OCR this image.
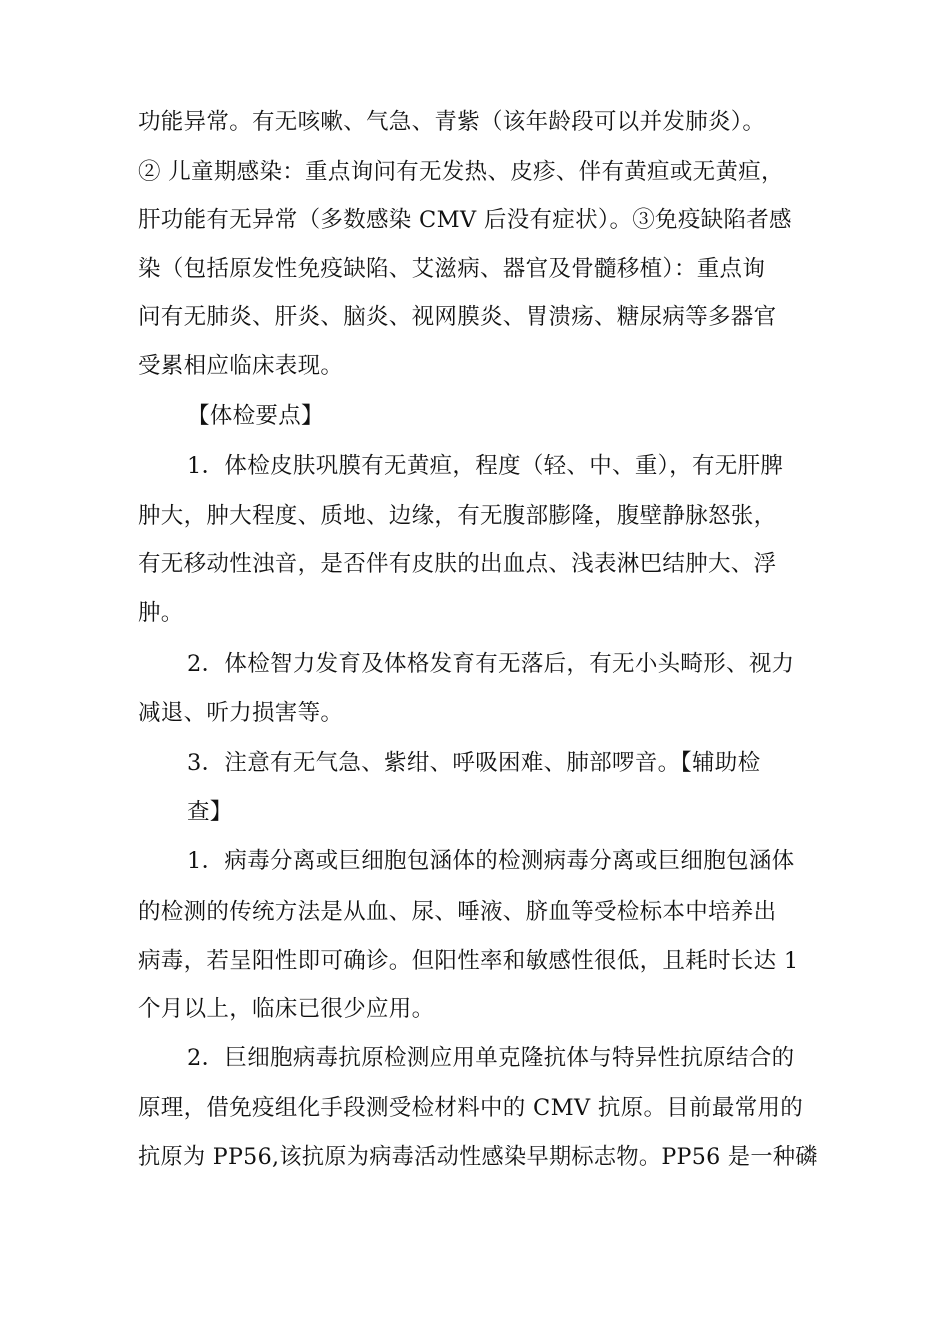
功能异常。有无咳嗽、气急、青紫（该年龄段可以并发肺炎）。
② 儿童期感染：重点询问有无发热、皮疹、伴有黄疸或无黄疸，
肝功能有无异常（多数感染 CMV 后没有症状）。③免疫缺陷者感
染（包括原发性免疫缺陷、艾滋病、器官及骨髓移植）：重点询
问有无肺炎、肝炎、脑炎、视网膜炎、胃溃疡、糖尿病等多器官
受累相应临床表现。
【体检要点】
1．体检皮肤巩膜有无黄疸，程度（轻、中、重），有无肝脾
肿大，肿大程度、质地、边缘，有无腹部膨隆，腹壁静脉怒张，
有无移动性浊音，是否伴有皮肤的出血点、浅表淋巴结肿大、浮
肿。
2．体检智力发育及体格发育有无落后，有无小头畸形、视力
减退、听力损害等。
3．注意有无气急、紫绀、呼吸困难、肺部啰音。【辅助检
查】
1．病毒分离或巨细胞包涵体的检测病毒分离或巨细胞包涵体
的检测的传统方法是从血、尿、唾液、脐血等受检标本中培养出
病毒，若呈阳性即可确诊。但阳性率和敏感性很低，且耗时长达 1
个月以上，临床已很少应用。
2．巨细胞病毒抗原检测应用单克隆抗体与特异性抗原结合的
原理，借免疫组化手段测受检材料中的 CMV 抗原。目前最常用的
抗原为 PP56,该抗原为病毒活动性感染早期标志物。PP56 是一种磷
